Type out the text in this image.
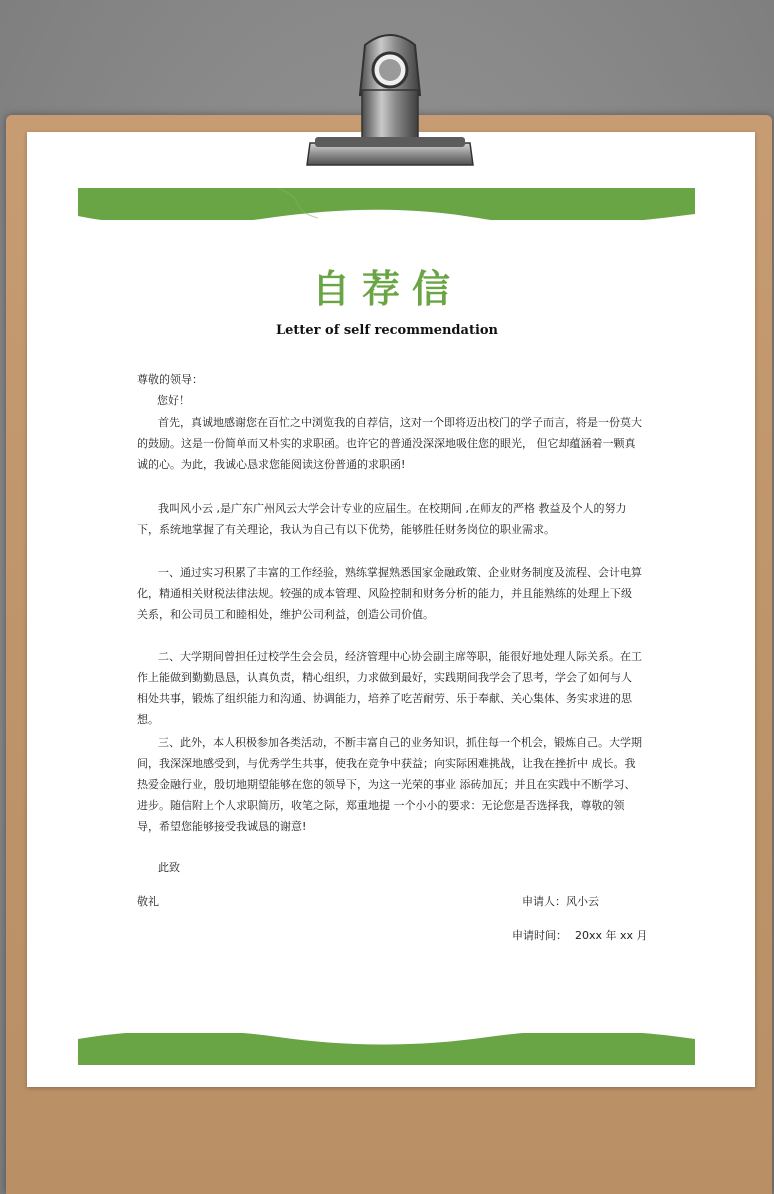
自荐信
Letter of self recommendation
尊敬的领导：
您好！
首先，真诚地感谢您在百忙之中浏览我的自荐信，这对一个即将迈出校门的学子而言，将是一份莫大的鼓励。这是一份简单而又朴实的求职函。也许它的普通没深深地吸住您的眼光， 但它却蕴涵着一颗真诚的心。为此，我诚心恳求您能阅读这份普通的求职函!
我叫风小云 ,是广东广州风云大学会计专业的应届生。在校期间 ,在师友的严格 教益及个人的努力下，系统地掌握了有关理论，我认为自己有以下优势，能够胜任财务岗位的职业需求。
一、通过实习积累了丰富的工作经验，熟练掌握熟悉国家金融政策、企业财务制度及流程、会计电算化，精通相关财税法律法规。较强的成本管理、风险控制和财务分析的能力，并且能熟练的处理上下级关系，和公司员工和睦相处，维护公司利益，创造公司价值。
二、大学期间曾担任过校学生会会员，经济管理中心协会副主席等职，能很好地处理人际关系。在工作上能做到勤勤恳恳，认真负责，精心组织，力求做到最好，实践期间我学会了思考，学会了如何与人相处共事，锻炼了组织能力和沟通、协调能力，培养了吃苦耐劳、乐于奉献、关心集体、务实求进的思想。
三、此外，本人积极参加各类活动，不断丰富自己的业务知识，抓住每一个机会，锻炼自己。大学期间，我深深地感受到，与优秀学生共事，使我在竞争中获益；向实际困难挑战，让我在挫折中 成长。我热爱金融行业，殷切地期望能够在您的领导下，为这一光荣的事业 添砖加瓦；并且在实践中不断学习、进步。随信附上个人求职简历，收笔之际，郑重地提 一个小小的要求：无论您是否选择我，尊敬的领导，希望您能够接受我诚恳的谢意!
此致
敬礼	申请人：风小云
申请时间： 20xx 年 xx 月
